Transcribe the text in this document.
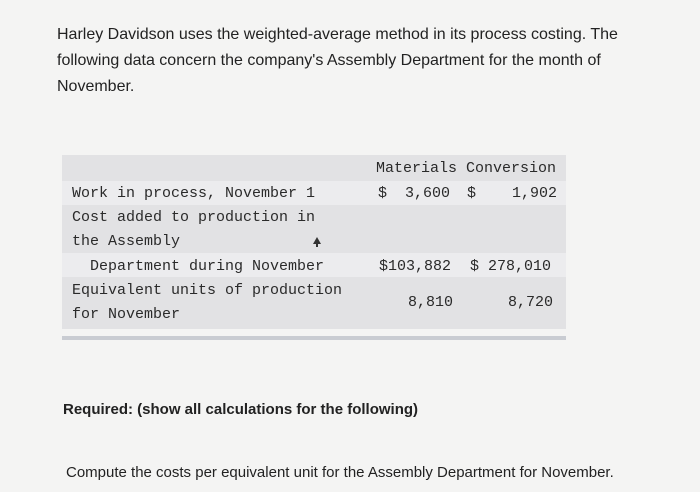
Harley Davidson uses the weighted-average method in its process costing. The following data concern the company's Assembly Department for the month of November.
Materials Conversion
Work in process, November 1	$  3,600 $    1,902
Cost added to production in
the Assembly
Department during November	$103,882 $ 278,010
Equivalent units of production
for November
8,810	8,720
Required: (show all calculations for the following)
Compute the costs per equivalent unit for the Assembly Department for November.
